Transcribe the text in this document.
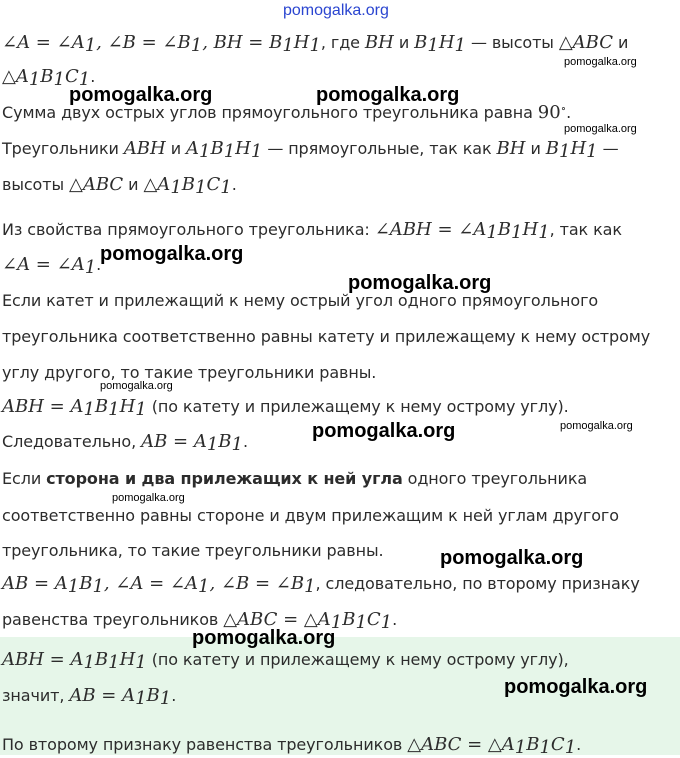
pomogalka.org
∠A = $\angle A_1$, ∠B = $\angle B_1$, BH = $B_1H_1$, где BH и $B_1H_1$ — высоты △ABC и
$\triangle A_1B_1C_1$.
Сумма двух острых углов прямоугольного треугольника равна 90∘.
Треугольники ABH и $A_1B_1H_1$ — прямоугольные, так как BH и $B_1H_1$ —
высоты △ABC и $\triangle A_1B_1C_1$.
Из свойства прямоугольного треугольника: ∠ABH = $\angle A_1B_1H_1$, так как
∠A = $\angle A_1$.
Если катет и прилежащий к нему острый угол одного прямоугольного
треугольника соответственно равны катету и прилежащему к нему острому
углу другого, то такие треугольники равны.
ABH = $A_1B_1H_1$ (по катету и прилежащему к нему острому углу).
Следовательно, AB = $A_1B_1$.
Если сторона и два прилежащих к ней угла одного треугольника
соответственно равны стороне и двум прилежащим к ней углам другого
треугольника, то такие треугольники равны.
AB = $A_1B_1$, ∠A = $\angle A_1$, ∠B = $\angle B_1$, следовательно, по второму признаку
равенства треугольников △ABC = $\triangle A_1B_1C_1$.
ABH = $A_1B_1H_1$ (по катету и прилежащему к нему острому углу),
значит, AB = $A_1B_1$.
По второму признаку равенства треугольников △ABC = $\triangle A_1B_1C_1$.
pomogalka.org	pomogalka.org
pomogalka.org
pomogalka.org
pomogalka.org
pomogalka.org
pomogalka.org
pomogalka.org
pomogalka.org
pomogalka.org
pomogalka.org
pomogalka.org
pomogalka.org
